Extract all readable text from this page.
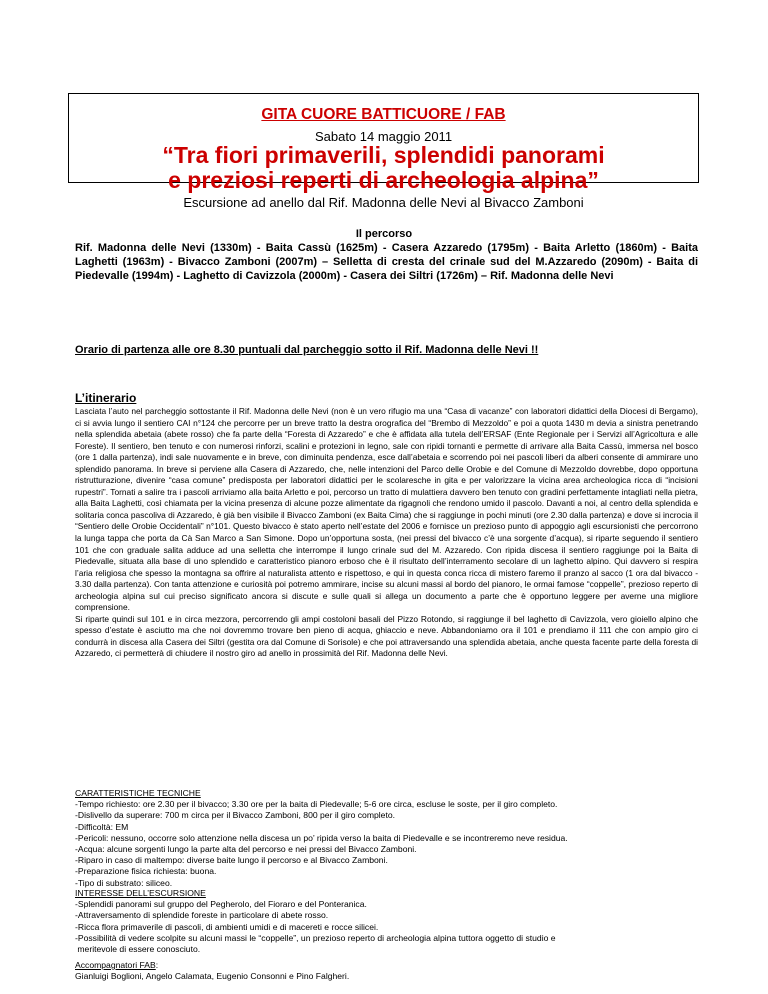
GITA CUORE BATTICUORE / FAB
Sabato 14 maggio 2011
“Tra fiori primaverili, splendidi panorami
e preziosi reperti di archeologia alpina”
Escursione ad anello dal Rif. Madonna delle Nevi al Bivacco Zamboni
Il percorso
Rif. Madonna delle Nevi (1330m) - Baita Cassù (1625m) - Casera Azzaredo (1795m) - Baita Arletto (1860m) - Baita Laghetti (1963m) - Bivacco Zamboni (2007m) – Selletta di cresta del crinale sud del M.Azzaredo (2090m) - Baita di Piedevalle (1994m) - Laghetto di Cavizzola (2000m) - Casera dei Siltri (1726m) – Rif. Madonna delle Nevi
Orario di partenza alle ore 8.30 puntuali dal parcheggio sotto il Rif. Madonna delle Nevi !!
L’itinerario

Lasciata l’auto nel parcheggio sottostante il Rif. Madonna delle Nevi (non è un vero rifugio ma una “Casa di vacanze” con laboratori didattici della Diocesi di Bergamo), ci si avvia lungo il sentiero CAI n°124 che percorre per un breve tratto la destra orografica del “Brembo di Mezzoldo” e poi a quota 1430 m devia a sinistra penetrando nella splendida abetaia (abete rosso) che fa parte della “Foresta di Azzaredo” e che è affidata alla tutela dell’ERSAF (Ente Regionale per i Servizi all’Agricoltura e alle Foreste). Il sentiero, ben tenuto e con numerosi rinforzi, scalini e protezioni in legno, sale con ripidi tornanti e permette di arrivare alla Baita Cassù, immersa nel bosco (ore 1 dalla partenza), indi sale nuovamente e in breve, con diminuita pendenza, esce dall’abetaia e scorrendo poi nei pascoli liberi da alberi consente di ammirare uno splendido panorama. In breve si perviene alla Casera di Azzaredo, che, nelle intenzioni del Parco delle Orobie e del Comune di Mezzoldo dovrebbe, dopo opportuna ristrutturazione, divenire “casa comune” predisposta per laboratori didattici per le scolaresche in gita e per valorizzare la vicina area archeologica ricca di “incisioni rupestri”. Tornati a salire tra i pascoli arriviamo alla baita Arletto e poi, percorso un tratto di mulattiera davvero ben tenuto con gradini perfettamente intagliati nella pietra, alla Baita Laghetti, così chiamata per la vicina presenza di alcune pozze alimentate da rigagnoli che rendono umido il pascolo. Davanti a noi, al centro della splendida e solitaria conca pascoliva di Azzaredo, è già ben visibile il Bivacco Zamboni (ex Baita Cima) che si raggiunge in pochi minuti (ore 2.30 dalla partenza) e dove si incrocia il “Sentiero delle Orobie Occidentali” n°101. Questo bivacco è stato aperto nell’estate del 2006 e fornisce un prezioso punto di appoggio agli escursionisti che percorrono la lunga tappa che porta da Cà San Marco a San Simone. Dopo un’opportuna sosta, (nei pressi del bivacco c’è una sorgente d’acqua), si riparte seguendo il sentiero 101 che con graduale salita adduce ad una selletta che interrompe il lungo crinale sud del M. Azzaredo. Con ripida discesa il sentiero raggiunge poi la Baita di Piedevalle, situata alla base di uno splendido e caratteristico pianoro erboso che è il risultato dell’interramento secolare di un laghetto alpino. Qui davvero si respira l’aria religiosa che spesso la montagna sa offrire al naturalista attento e rispettoso, e qui in questa conca ricca di mistero faremo il pranzo al sacco (1 ora dal bivacco - 3.30 dalla partenza). Con tanta attenzione e curiosità poi potremo ammirare, incise su alcuni massi al bordo del pianoro, le ormai famose “coppelle”, prezioso reperto di archeologia alpina sul cui preciso significato ancora si discute e sulle quali si allega un documento a parte che è opportuno leggere per averne una migliore comprensione.

Si riparte quindi sul 101 e in circa mezzora, percorrendo gli ampi costoloni basali del Pizzo Rotondo, si raggiunge il bel laghetto di Cavizzola, vero gioiello alpino che spesso d’estate è asciutto ma che noi dovremmo trovare ben pieno di acqua, ghiaccio e neve. Abbandoniamo ora il 101 e prendiamo il 111 che con ampio giro ci condurrà in discesa alla Casera dei Siltri (gestita ora dal Comune di Sorisole) e che poi attraversando una splendida abetaia, anche questa facente parte della foresta di Azzaredo, ci permetterà di chiudere il nostro giro ad anello in prossimità del Rif. Madonna delle Nevi.

CARATTERISTICHE TECNICHE
-Tempo richiesto: ore 2.30 per il bivacco; 3.30 ore per la baita di Piedevalle; 5-6 ore circa, escluse le soste, per il giro completo.
-Dislivello da superare: 700 m circa per il Bivacco Zamboni, 800 per il giro completo.
-Difficoltà: EM
-Pericoli: nessuno, occorre solo attenzione nella discesa un po’ ripida verso la baita di Piedevalle e se incontreremo neve residua.
-Acqua: alcune sorgenti lungo la parte alta del percorso e nei pressi del Bivacco Zamboni.
-Riparo in caso di maltempo: diverse baite lungo il percorso e al Bivacco Zamboni.
-Preparazione fisica richiesta: buona.
-Tipo di substrato: siliceo.
INTERESSE DELL’ESCURSIONE
-Splendidi panorami sul gruppo del Pegherolo, del Fioraro e del Ponteranica.
-Attraversamento di splendide foreste in particolare di abete rosso.
-Ricca flora primaverile di pascoli, di ambienti umidi e di macereti e rocce silicei.
-Possibilità di vedere scolpite su alcuni massi le “coppelle”, un prezioso reperto di archeologia alpina tuttora oggetto di studio e
meritevole di essere conosciuto.
Accompagnatori FAB:
Gianluigi Boglioni, Angelo Calamata, Eugenio Consonni e Pino Falgheri.
